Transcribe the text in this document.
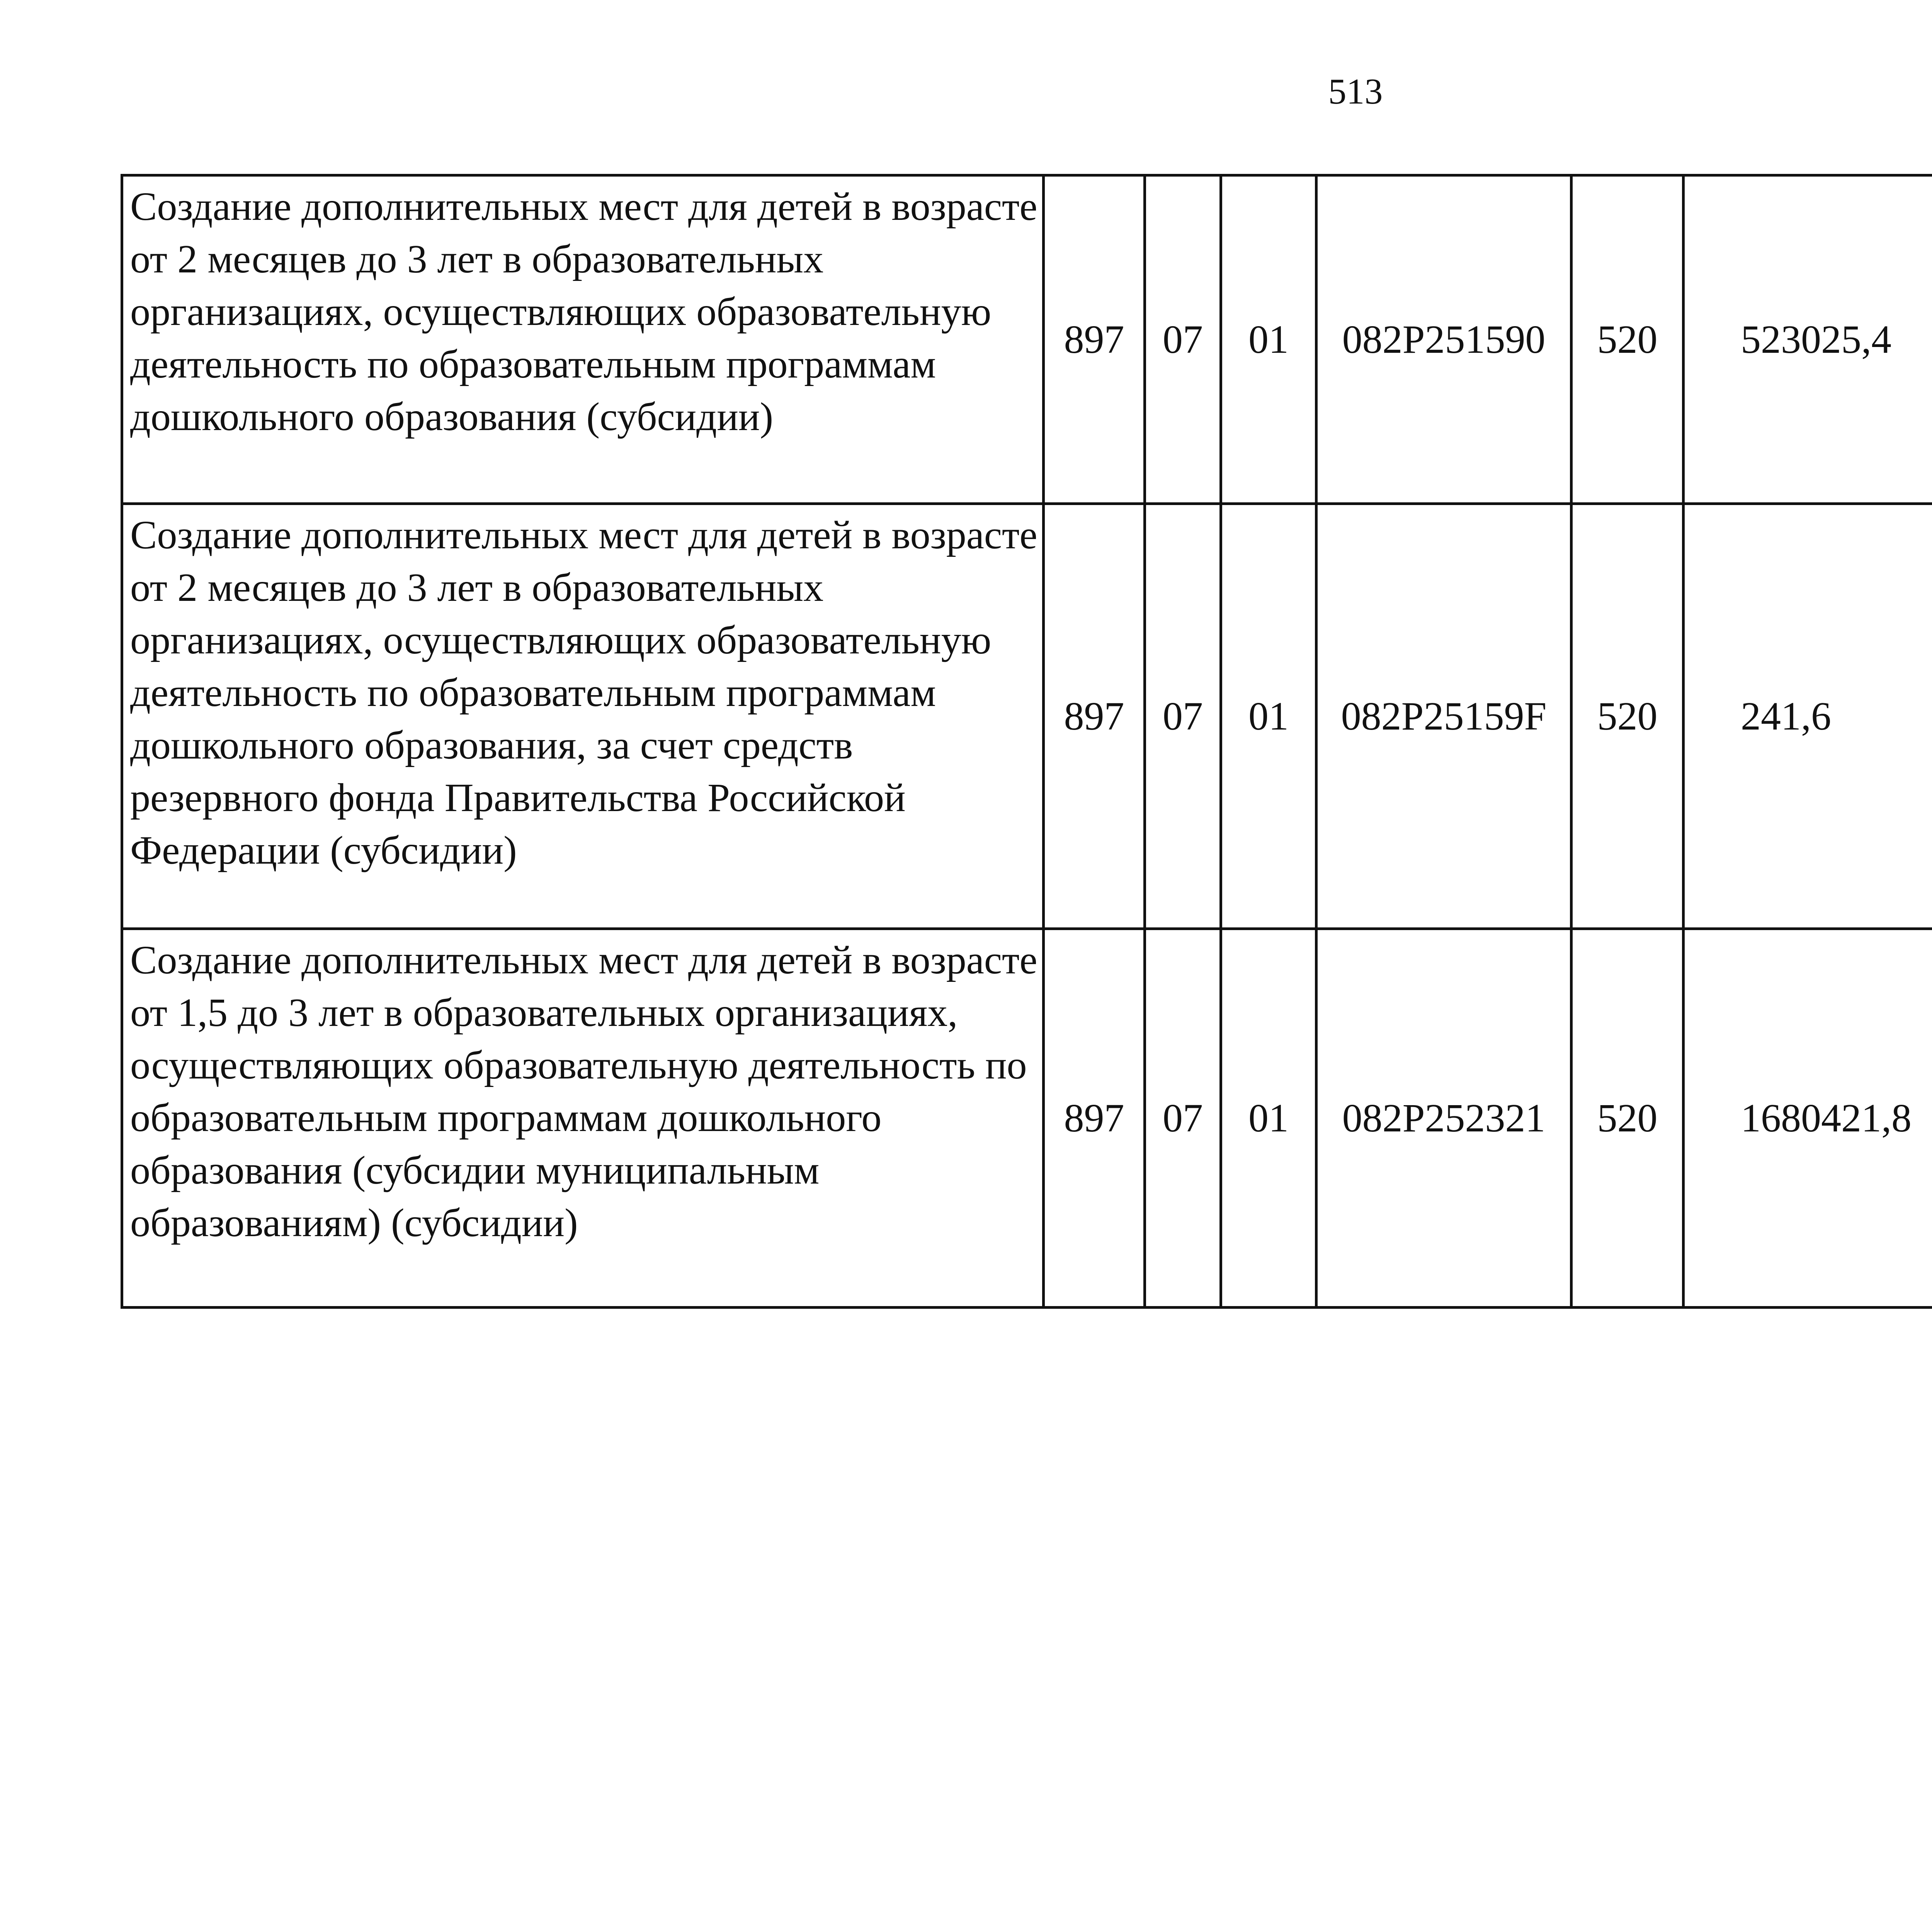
513
Создание дополнительных мест для детей в возрасте от 2 месяцев до 3 лет в образовательных организациях, осуществляющих образовательную деятельность по образовательным программам дошкольного образования (субсидии)	897	07	01	082P251590	520	523025,4		
Создание дополнительных мест для детей в возрасте от 2 месяцев до 3 лет в образовательных организациях, осуществляющих образовательную деятельность по образовательным программам дошкольного образования, за счет средств резервного фонда Правительства Российской Федерации (субсидии)	897	07	01	082P25159F	520	241,6		
Создание дополнительных мест для детей в возрасте от 1,5 до 3 лет в образовательных организациях, осуществляющих образовательную деятельность по образовательным программам дошкольного образования (субсидии муниципальным образованиям) (субсидии)	897	07	01	082P252321	520	1680421,8		
